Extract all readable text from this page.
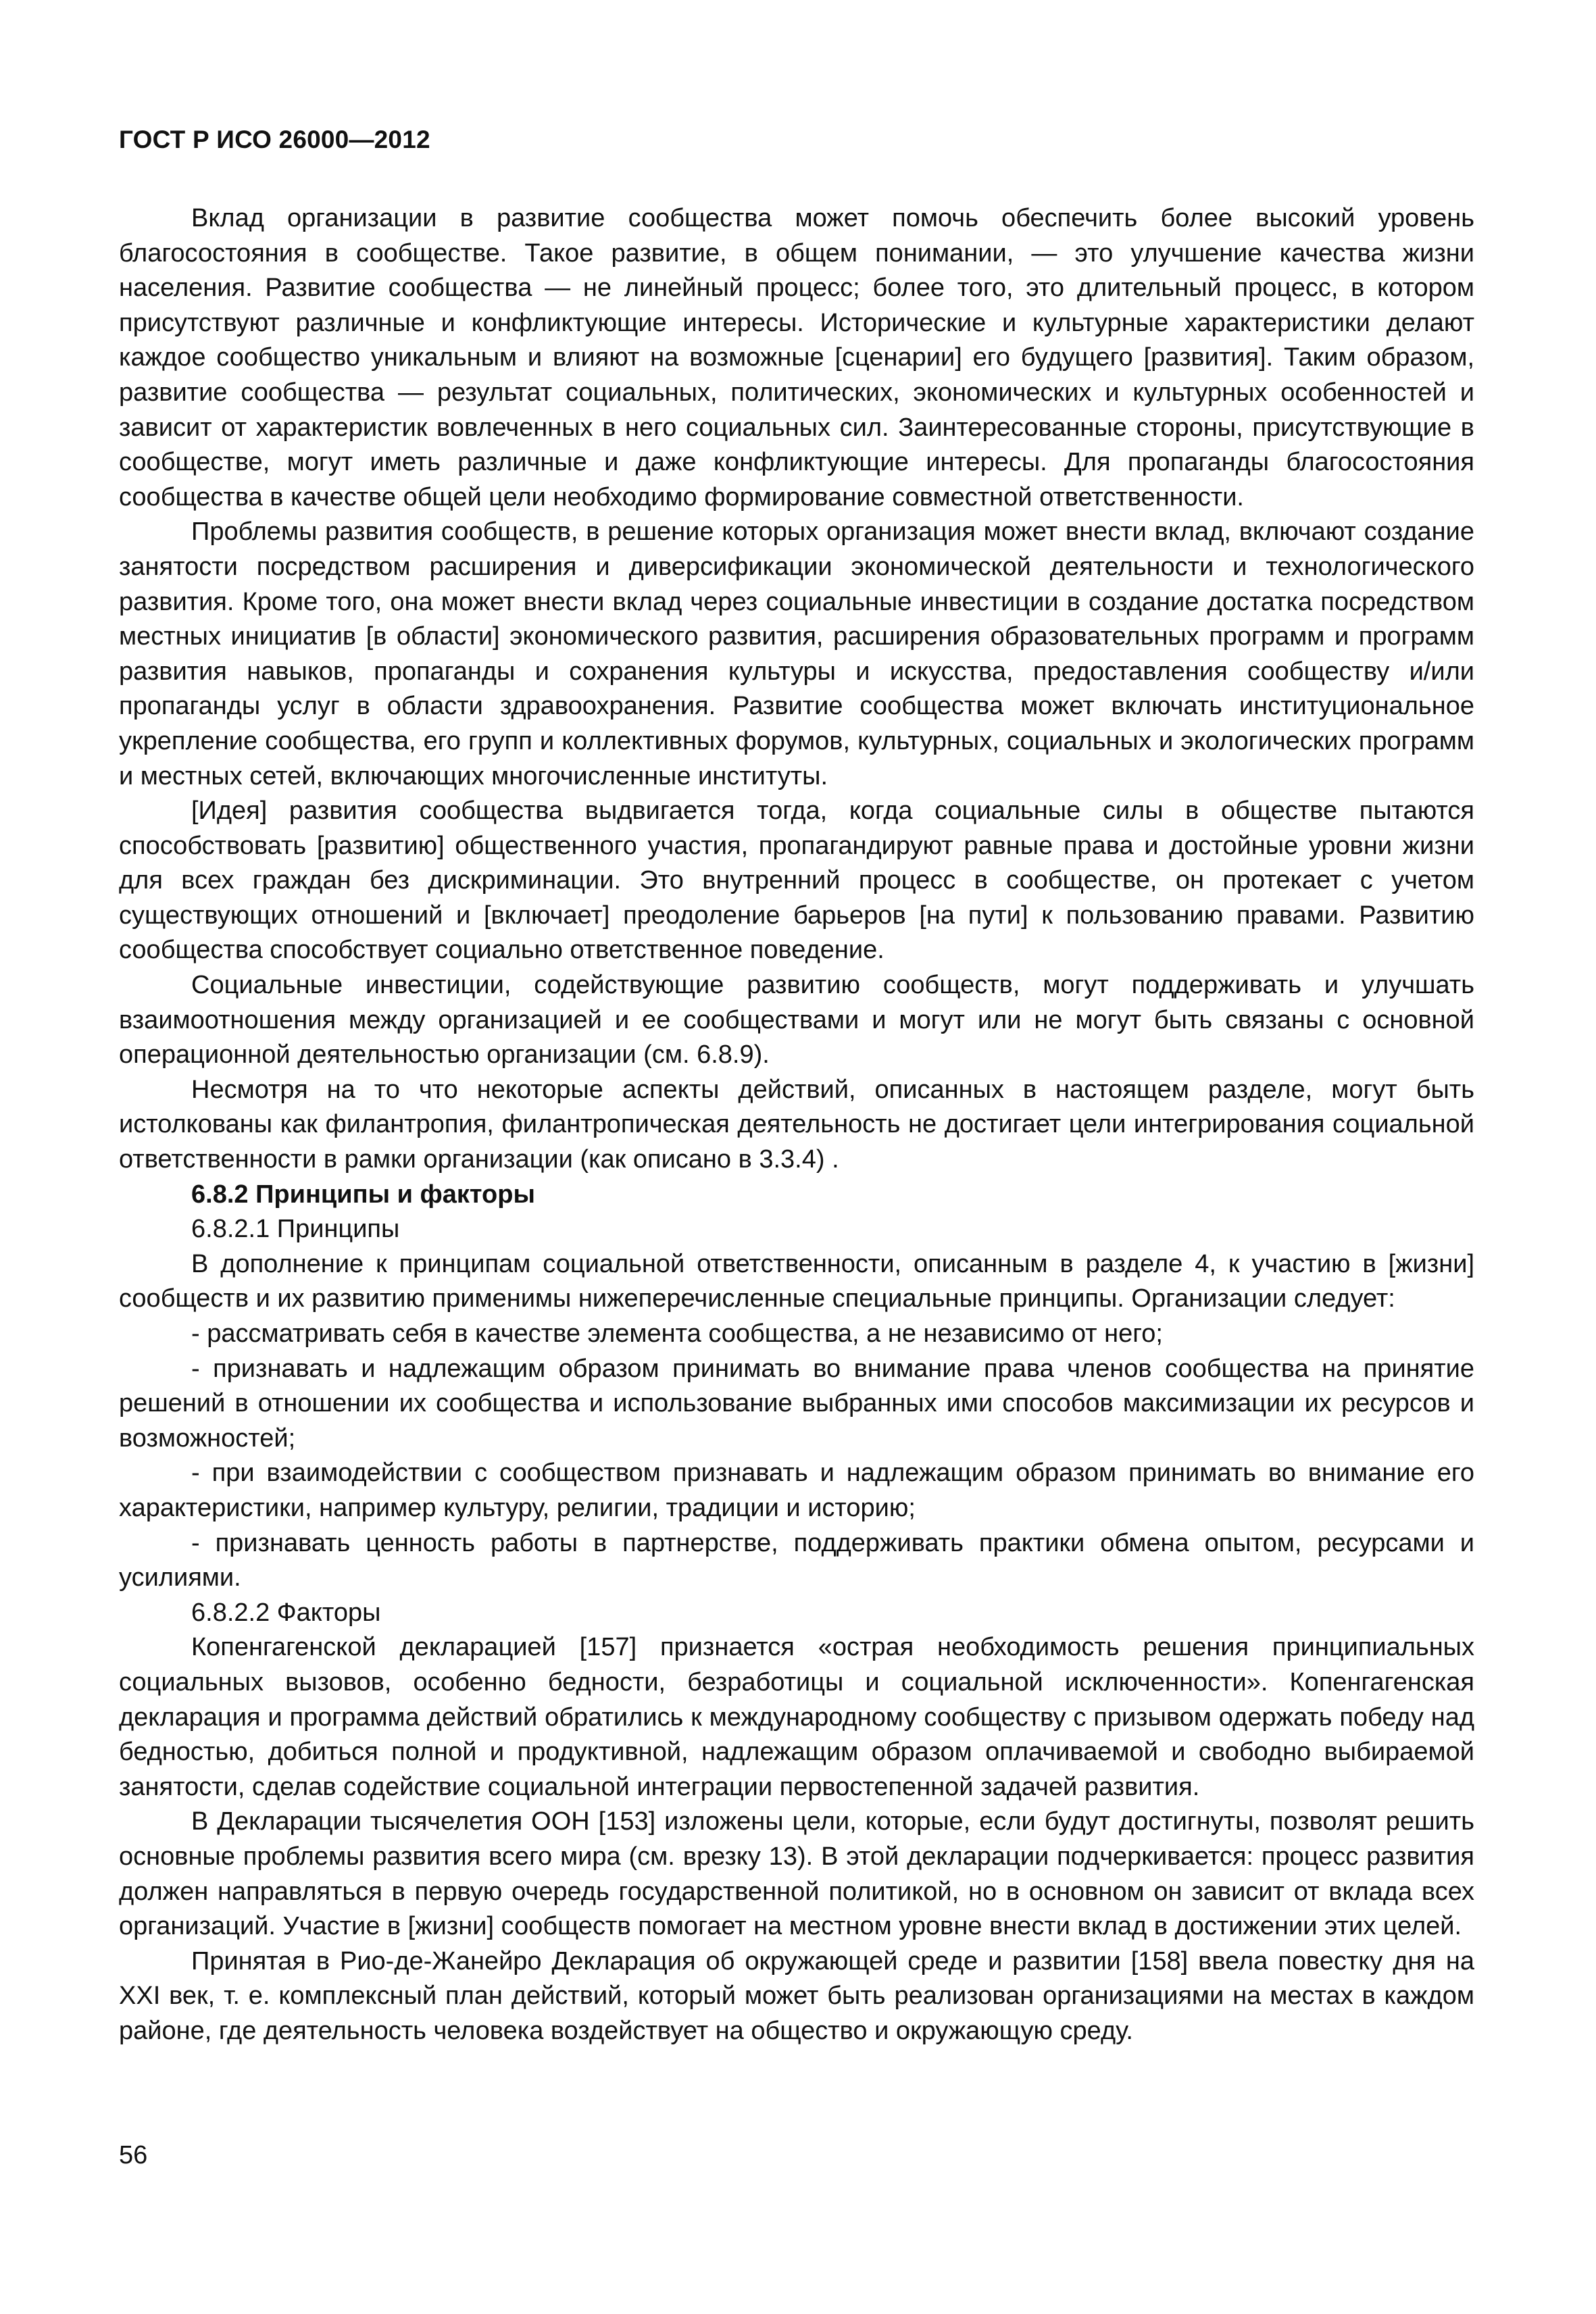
ГОСТ Р ИСО 26000—2012

Вклад организации в развитие сообщества может помочь обеспечить более высокий уровень благосостояния в сообществе. Такое развитие, в общем понимании, — это улучшение качества жизни населения. Развитие сообщества — не линейный процесс; более того, это длительный процесс, в котором присутствуют различные и конфликтующие интересы. Исторические и культурные характеристики делают каждое сообщество уникальным и влияют на возможные [сценарии] его будущего [развития]. Таким образом, развитие сообщества — результат социальных, политических, экономических и культурных особенностей и зависит от характеристик вовлеченных в него социальных сил. Заинтересованные стороны, присутствующие в сообществе, могут иметь различные и даже конфликтующие интересы. Для пропаганды благосостояния сообщества в качестве общей цели необходимо формирование совместной ответственности.

Проблемы развития сообществ, в решение которых организация может внести вклад, включают создание занятости посредством расширения и диверсификации экономической деятельности и технологического развития. Кроме того, она может внести вклад через социальные инвестиции в создание достатка посредством местных инициатив [в области] экономического развития, расширения образовательных программ и программ развития навыков, пропаганды и сохранения культуры и искусства, предоставления сообществу и/или пропаганды услуг в области здравоохранения. Развитие сообщества может включать институциональное укрепление сообщества, его групп и коллективных форумов, культурных, социальных и экологических программ и местных сетей, включающих многочисленные институты.

[Идея] развития сообщества выдвигается тогда, когда социальные силы в обществе пытаются способствовать [развитию] общественного участия, пропагандируют равные права и достойные уровни жизни для всех граждан без дискриминации. Это внутренний процесс в сообществе, он протекает с учетом существующих отношений и [включает] преодоление барьеров [на пути] к пользованию правами. Развитию сообщества способствует социально ответственное поведение.

Социальные инвестиции, содействующие развитию сообществ, могут поддерживать и улучшать взаимоотношения между организацией и ее сообществами и могут или не могут быть связаны с основной операционной деятельностью организации (см. 6.8.9).

Несмотря на то что некоторые аспекты действий, описанных в настоящем разделе, могут быть истолкованы как филантропия, филантропическая деятельность не достигает цели интегрирования социальной ответственности в рамки организации (как описано в 3.3.4) .

6.8.2 Принципы и факторы

6.8.2.1 Принципы

В дополнение к принципам социальной ответственности, описанным в разделе 4, к участию в [жизни] сообществ и их развитию применимы нижеперечисленные специальные принципы. Организации следует:

- рассматривать себя в качестве элемента сообщества, а не независимо от него;

- признавать и надлежащим образом принимать во внимание права членов сообщества на принятие решений в отношении их сообщества и использование выбранных ими способов максимизации их ресурсов и возможностей;

- при взаимодействии с сообществом признавать и надлежащим образом принимать во внимание его характеристики, например культуру, религии, традиции и историю;

- признавать ценность работы в партнерстве, поддерживать практики обмена опытом, ресурсами и усилиями.

6.8.2.2 Факторы

Копенгагенской декларацией [157] признается «острая необходимость решения принципиальных социальных вызовов, особенно бедности, безработицы и социальной исключенности». Копенгагенская декларация и программа действий обратились к международному сообществу с призывом одержать победу над бедностью, добиться полной и продуктивной, надлежащим образом оплачиваемой и свободно выбираемой занятости, сделав содействие социальной интеграции первостепенной задачей развития.

В Декларации тысячелетия ООН [153] изложены цели, которые, если будут достигнуты, позволят решить основные проблемы развития всего мира (см. врезку 13). В этой декларации подчеркивается: процесс развития должен направляться в первую очередь государственной политикой, но в основном он зависит от вклада всех организаций. Участие в [жизни] сообществ помогает на местном уровне внести вклад в достижении этих целей.

Принятая в Рио-де-Жанейро Декларация об окружающей среде и развитии [158] ввела повестку дня на XXI век, т. е. комплексный план действий, который может быть реализован организациями на местах в каждом районе, где деятельность человека воздействует на общество и окружающую среду.

56
